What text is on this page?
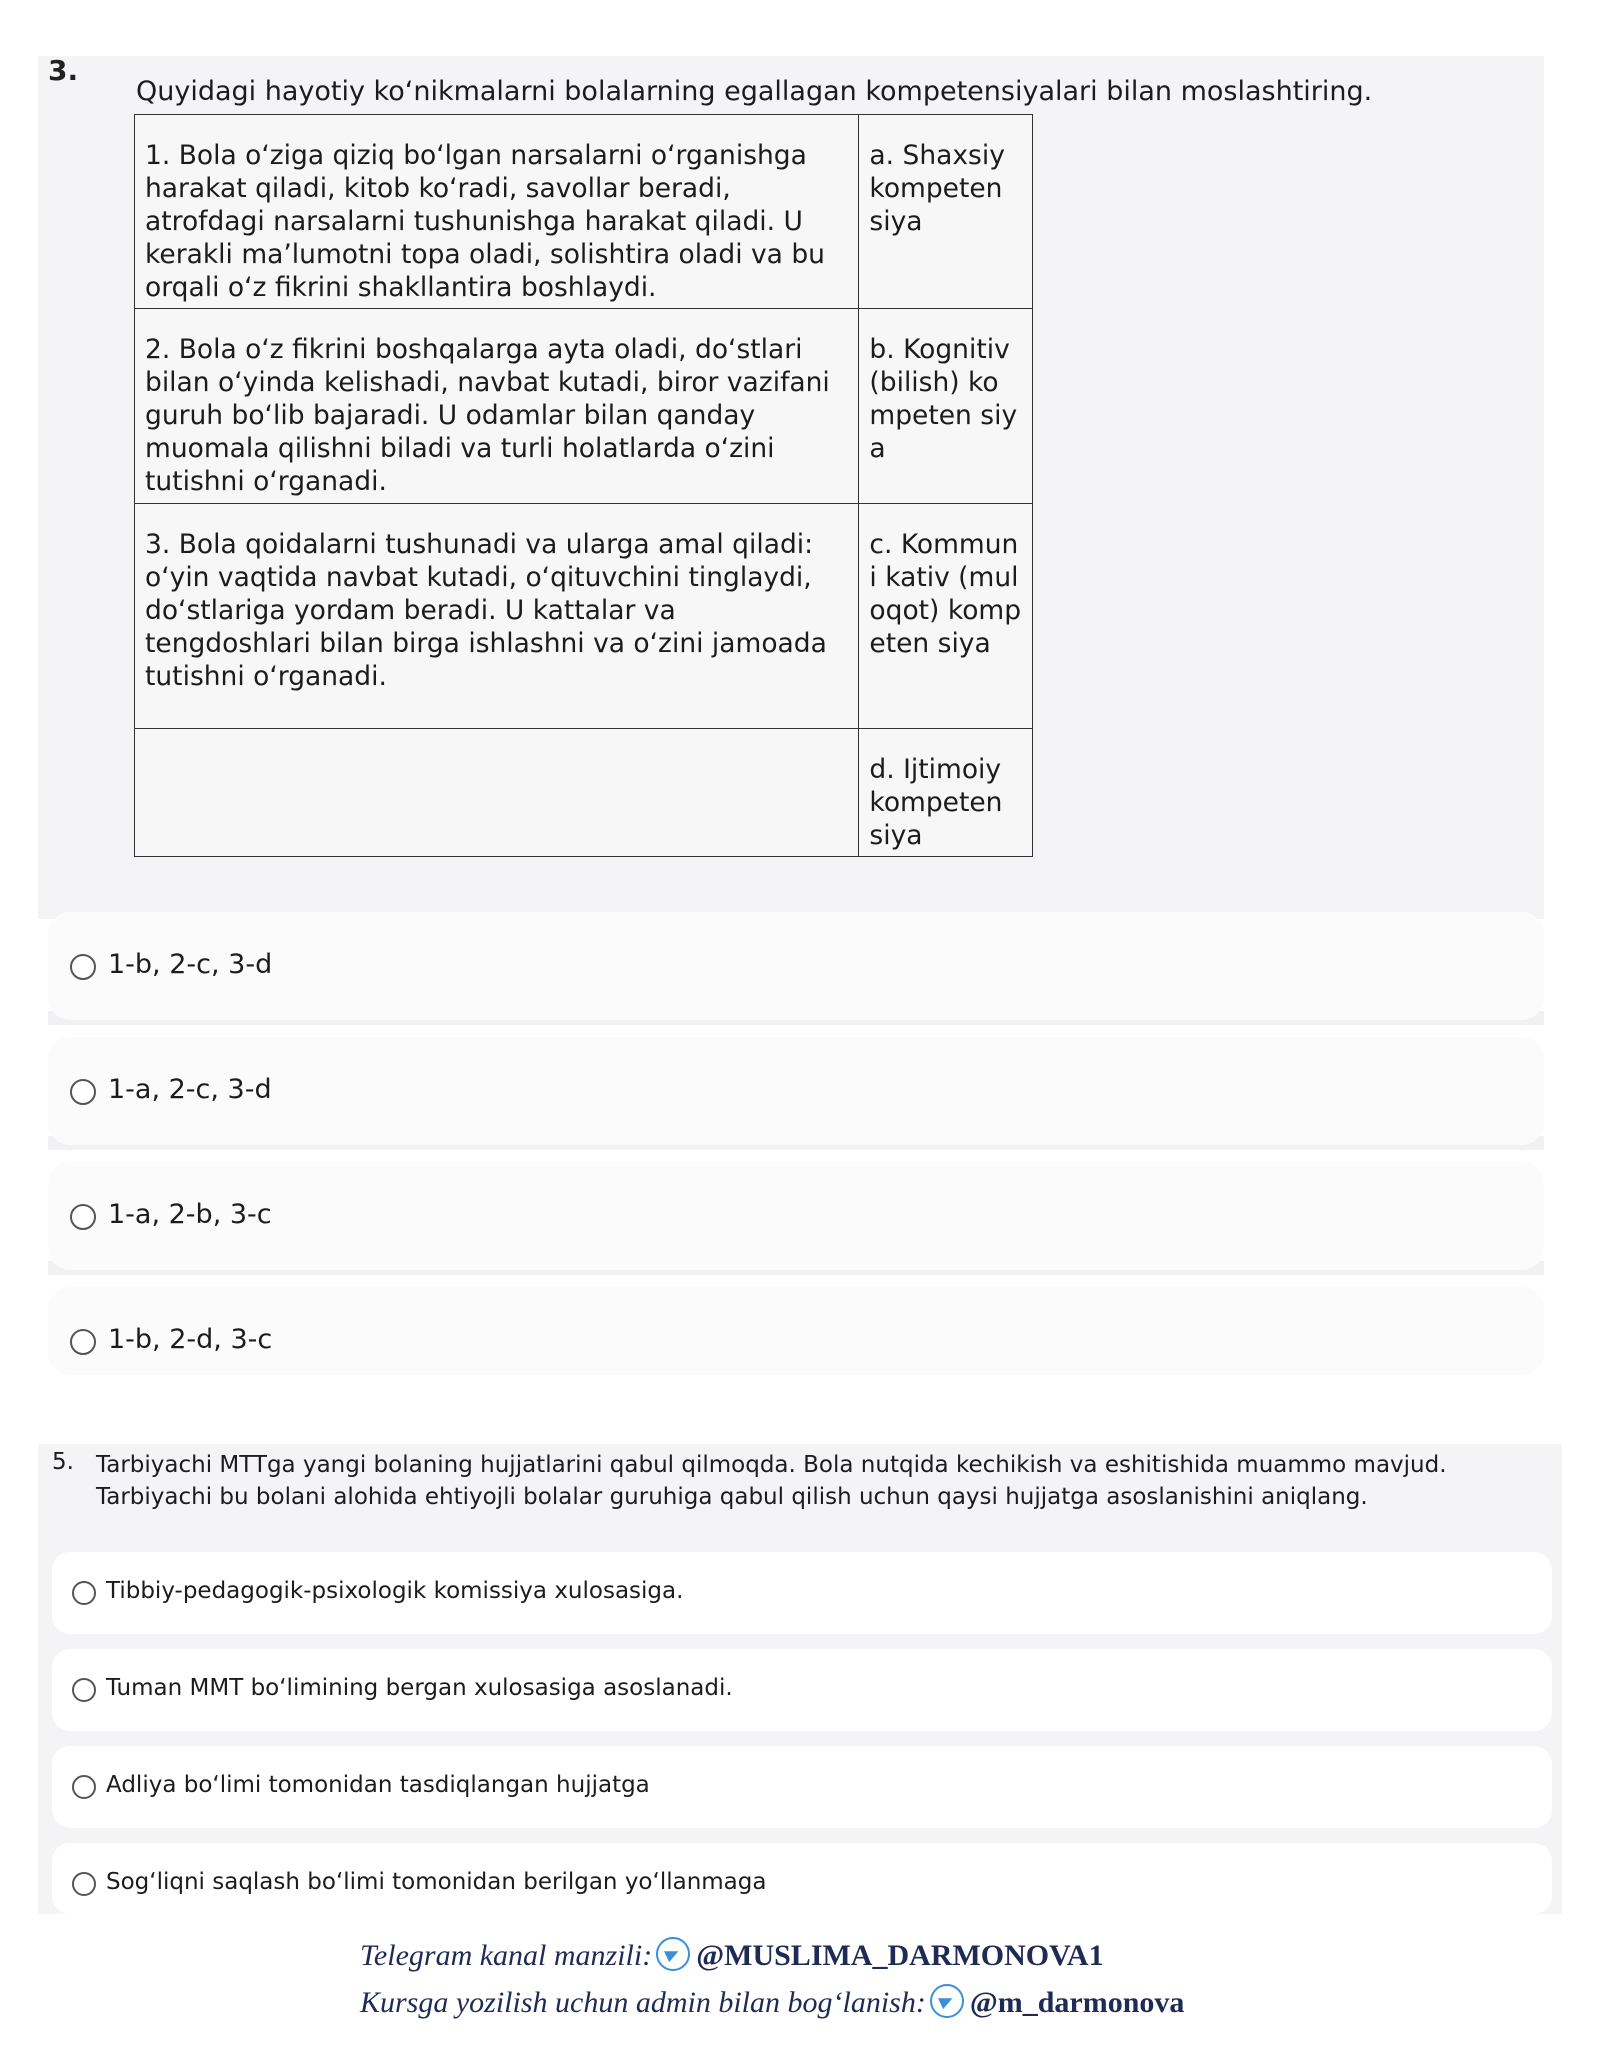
3.
Quyidagi hayotiy ko‘nikmalarni bolalarning egallagan kompetensiyalari bilan moslashtiring.
1. Bola o‘ziga qiziq bo‘lgan narsalarni o‘rganishga harakat qiladi, kitob ko‘radi, savollar beradi, atrofdagi narsalarni tushunishga harakat qiladi. U kerakli ma’lumotni topa oladi, solishtira oladi va bu orqali o‘z fikrini shakllantira boshlaydi.	a. Shaxsiy kompeten siya
2. Bola o‘z fikrini boshqalarga ayta oladi, do‘stlari bilan o‘yinda kelishadi, navbat kutadi, biror vazifani guruh bo‘lib bajaradi. U odamlar bilan qanday muomala qilishni biladi va turli holatlarda o‘zini tutishni o‘rganadi.	b. Kognitiv (bilish) kompeten siya
3. Bola qoidalarni tushunadi va ularga amal qiladi: o‘yin vaqtida navbat kutadi, o‘qituvchini tinglaydi, do‘stlariga yordam beradi. U kattalar va tengdoshlari bilan birga ishlashni va o‘zini jamoada tutishni o‘rganadi.	c. Kommuni kativ (muloqot) kompeten siya
	d. Ijtimoiy kompeten siya
1-b, 2-c, 3-d
1-a, 2-c, 3-d
1-a, 2-b, 3-c
1-b, 2-d, 3-c
5. Tarbiyachi MTTga yangi bolaning hujjatlarini qabul qilmoqda. Bola nutqida kechikish va eshitishida muammo mavjud. Tarbiyachi bu bolani alohida ehtiyojli bolalar guruhiga qabul qilish uchun qaysi hujjatga asoslanishini aniqlang.
Tibbiy-pedagogik-psixologik komissiya xulosasiga.
Tuman MMT bo‘limining bergan xulosasiga asoslanadi.
Adliya bo‘limi tomonidan tasdiqlangan hujjatga
Sog‘liqni saqlash bo‘limi tomonidan berilgan yo‘llanmaga
Telegram kanal manzili: @MUSLIMA_DARMONOVA1
Kursga yozilish uchun admin bilan bog‘lanish: @m_darmonova
